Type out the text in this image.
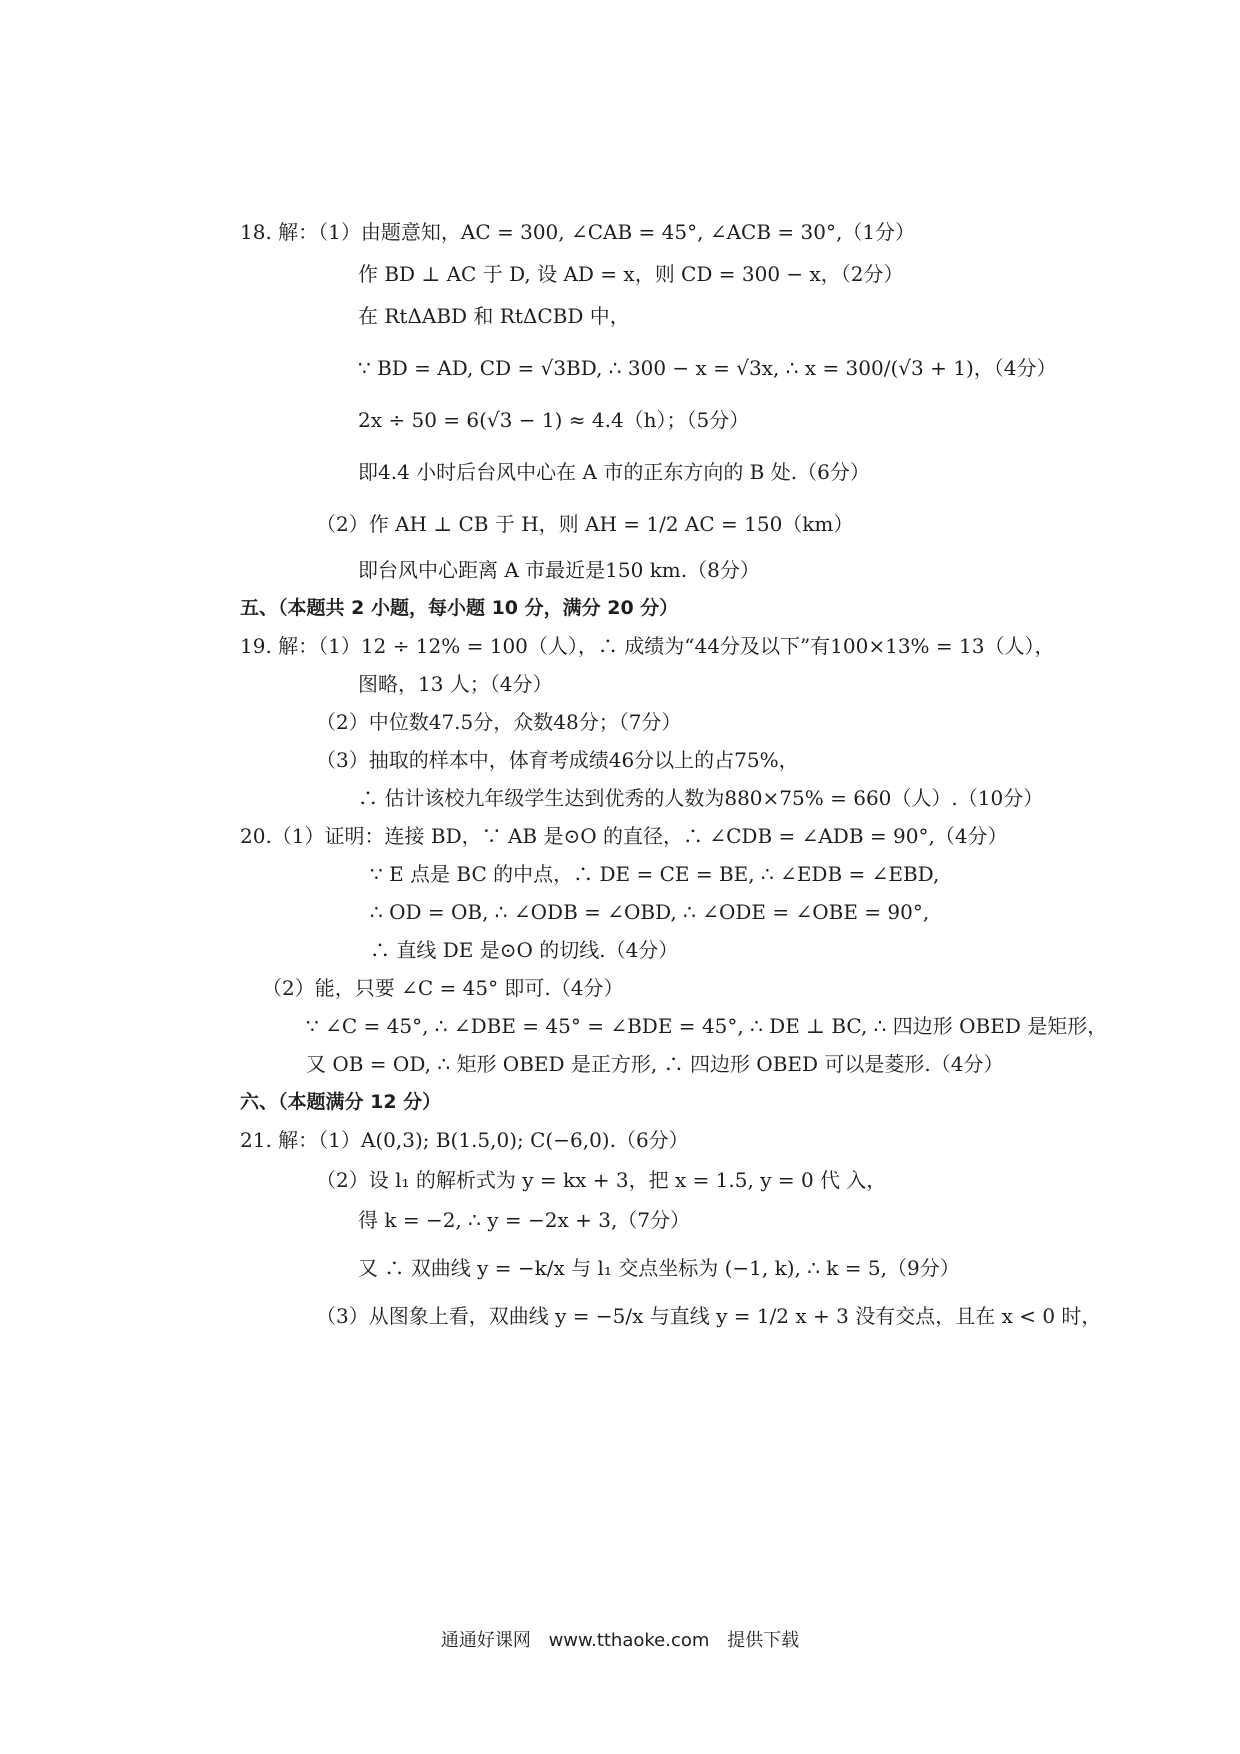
18. 解：（1）由题意知，AC = 300, ∠CAB = 45°, ∠ACB = 30°,（1分）
作 BD ⊥ AC 于 D, 设 AD = x，则 CD = 300 − x，（2分）
在 RtΔABD 和 RtΔCBD 中，
∵ BD = AD, CD = √3BD, ∴ 300 − x = √3x, ∴ x = 300/(√3 + 1)，（4分）
2x ÷ 50 = 6(√3 − 1) ≈ 4.4（h）；（5分）
即4.4 小时后台风中心在 A 市的正东方向的 B 处.（6分）
（2）作 AH ⊥ CB 于 H，则 AH = 1/2 AC = 150（km）
即台风中心距离 A 市最近是150 km.（8分）
五、（本题共 2 小题，每小题 10 分，满分 20 分）
19. 解：（1）12 ÷ 12% = 100（人），∴ 成绩为“44分及以下”有100×13% = 13（人），
图略，13 人；（4分）
（2）中位数47.5分，众数48分；（7分）
（3）抽取的样本中，体育考成绩46分以上的占75%，
∴ 估计该校九年级学生达到优秀的人数为880×75% = 660（人）.（10分）
20.（1）证明：连接 BD，∵ AB 是⊙O 的直径，∴ ∠CDB = ∠ADB = 90°,（4分）
∵ E 点是 BC 的中点，∴ DE = CE = BE, ∴ ∠EDB = ∠EBD,
∴ OD = OB, ∴ ∠ODB = ∠OBD, ∴ ∠ODE = ∠OBE = 90°,
∴ 直线 DE 是⊙O 的切线.（4分）
（2）能，只要 ∠C = 45° 即可.（4分）
∵ ∠C = 45°, ∴ ∠DBE = 45° = ∠BDE = 45°, ∴ DE ⊥ BC, ∴ 四边形 OBED 是矩形，
又 OB = OD, ∴ 矩形 OBED 是正方形, ∴ 四边形 OBED 可以是菱形.（4分）
六、（本题满分 12 分）
21. 解：（1）A(0,3); B(1.5,0); C(−6,0).（6分）
（2）设 l₁ 的解析式为 y = kx + 3，把 x = 1.5, y = 0 代 入，
得 k = −2, ∴ y = −2x + 3,（7分）
又 ∴ 双曲线 y = −k/x 与 l₁ 交点坐标为 (−1, k), ∴ k = 5,（9分）
（3）从图象上看，双曲线 y = −5/x 与直线 y = 1/2 x + 3 没有交点，且在 x < 0 时，
通通好课网 www.tthaoke.com 提供下载
